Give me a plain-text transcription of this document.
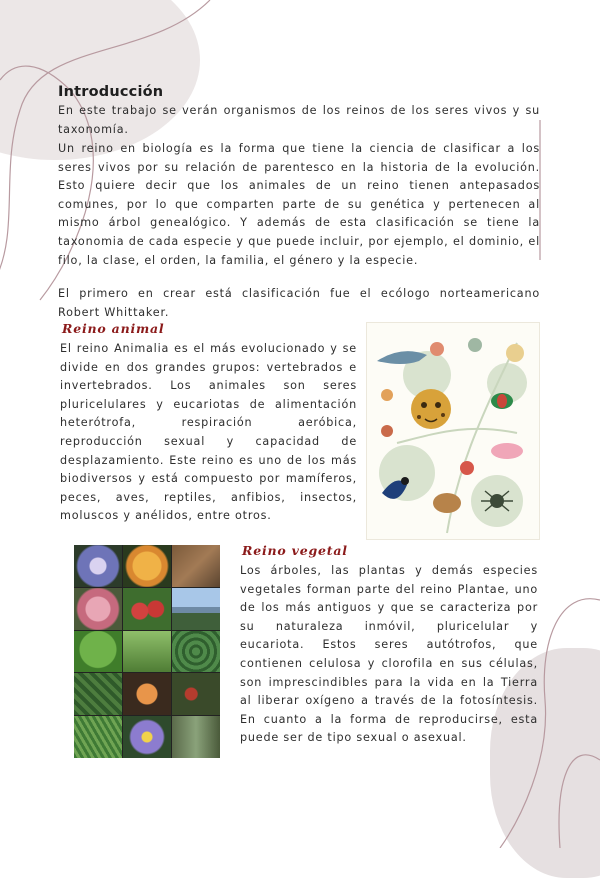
Introducción

En este trabajo se verán organismos de los reinos de los seres vivos y su taxonomía.

Un reino en biología es la forma que tiene la ciencia de clasificar a los seres vivos por su relación de parentesco en la historia de la evolución. Esto quiere decir que los animales de un reino tienen antepasados comunes, por lo que comparten parte de su genética y pertenecen al mismo árbol genealógico. Y además de esta clasificación se tiene la taxonomia de cada especie y que puede incluir, por ejemplo, el dominio, el filo, la clase, el orden, la familia, el género y la especie.

El primero en crear está clasificación fue el ecólogo norteamericano Robert Whittaker.

Reino animal

El reino Animalia es el más evolucionado y se divide en dos grandes grupos: vertebrados e invertebrados. Los animales son seres pluricelulares y eucariotas de alimentación heterótrofa, respiración aeróbica, reproducción sexual y capacidad de desplazamiento. Este reino es uno de los más biodiversos y está compuesto por mamíferos, peces, aves, reptiles, anfibios, insectos, moluscos y anélidos, entre otros.

Reino vegetal

Los árboles, las plantas y demás especies vegetales forman parte del reino Plantae, uno de los más antiguos y que se caracteriza por su naturaleza inmóvil, pluricelular y eucariota. Estos seres autótrofos, que contienen celulosa y clorofila en sus células, son imprescindibles para la vida en la Tierra al liberar oxígeno a través de la fotosíntesis. En cuanto a la forma de reproducirse, esta puede ser de tipo sexual o asexual.
